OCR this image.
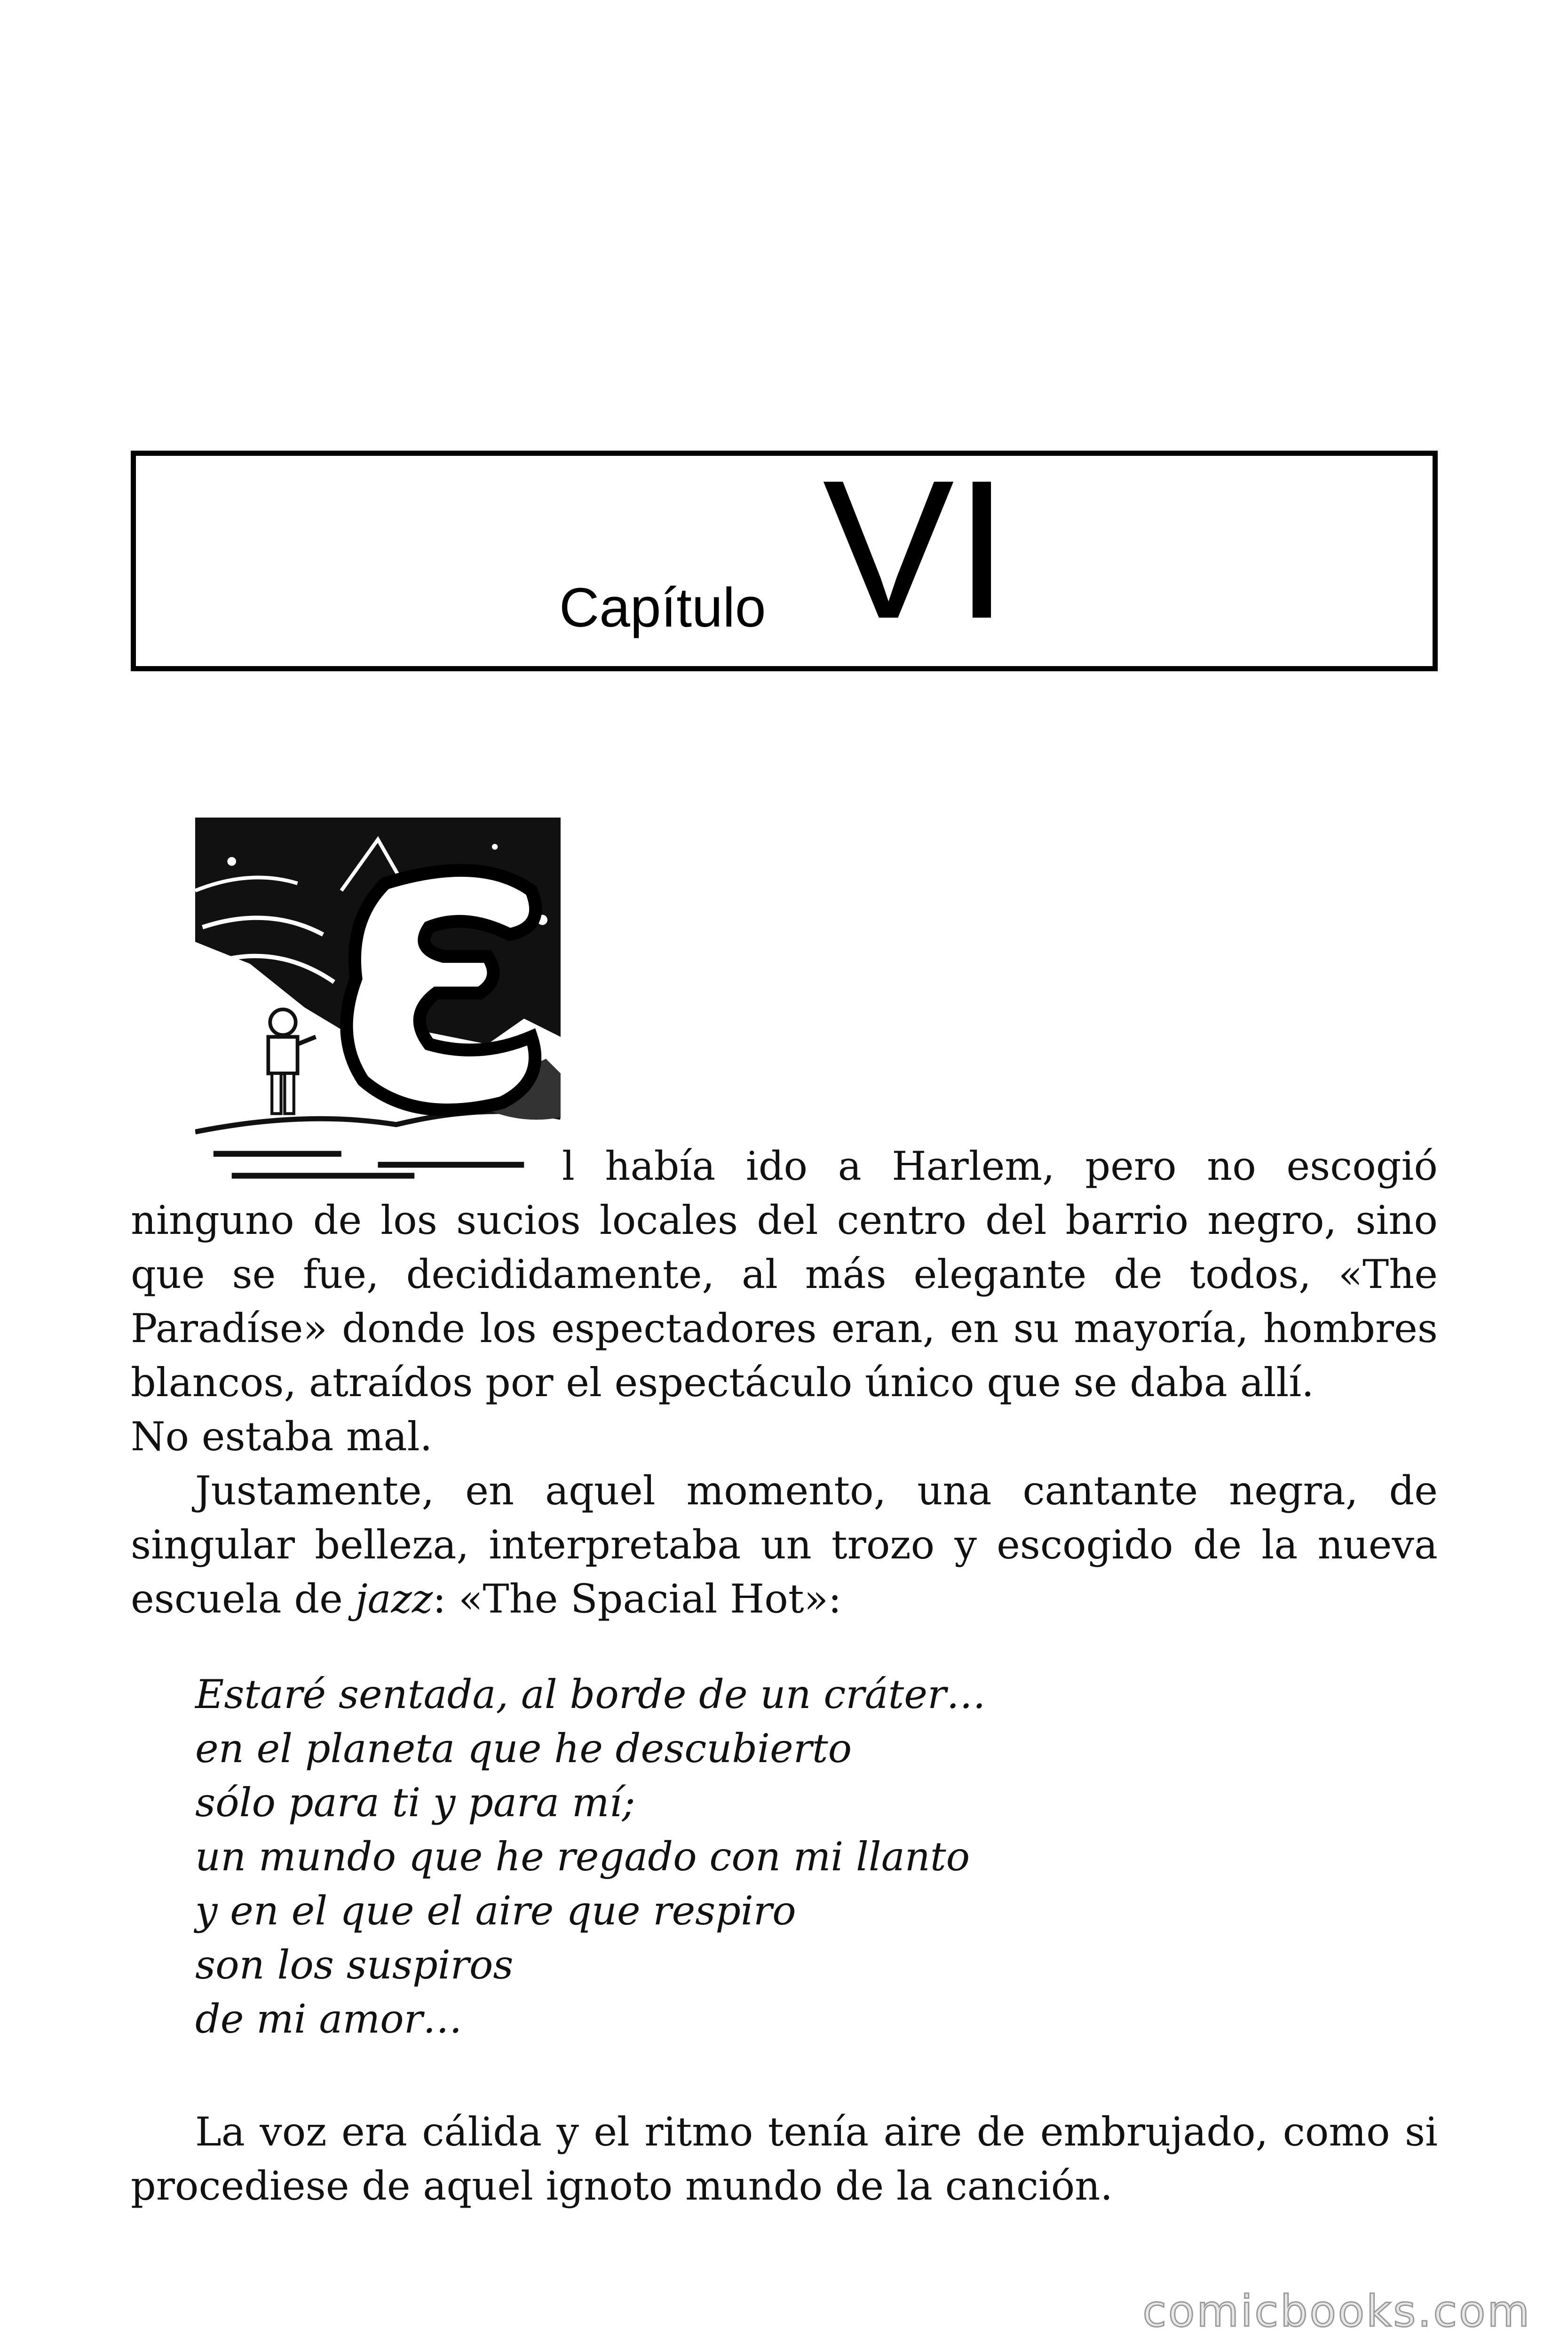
Capítulo VI
l había ido a Harlem, pero no escogió
ninguno de los sucios locales del centro del barrio negro, sino que se fue, decididamente, al más elegante de todos, «The Paradíse» donde los espectadores eran, en su mayoría, hombres blancos, atraídos por el espectáculo único que se daba allí.
No estaba mal.
Justamente, en aquel momento, una cantante negra, de singular belleza, interpretaba un trozo y escogido de la nueva escuela de jazz: «The Spacial Hot»:
Estaré sentada, al borde de un cráter…
en el planeta que he descubierto
sólo para ti y para mí;
un mundo que he regado con mi llanto
y en el que el aire que respiro
son los suspiros
de mi amor…
La voz era cálida y el ritmo tenía aire de embrujado, como si procediese de aquel ignoto mundo de la canción.
comicbooks.com
